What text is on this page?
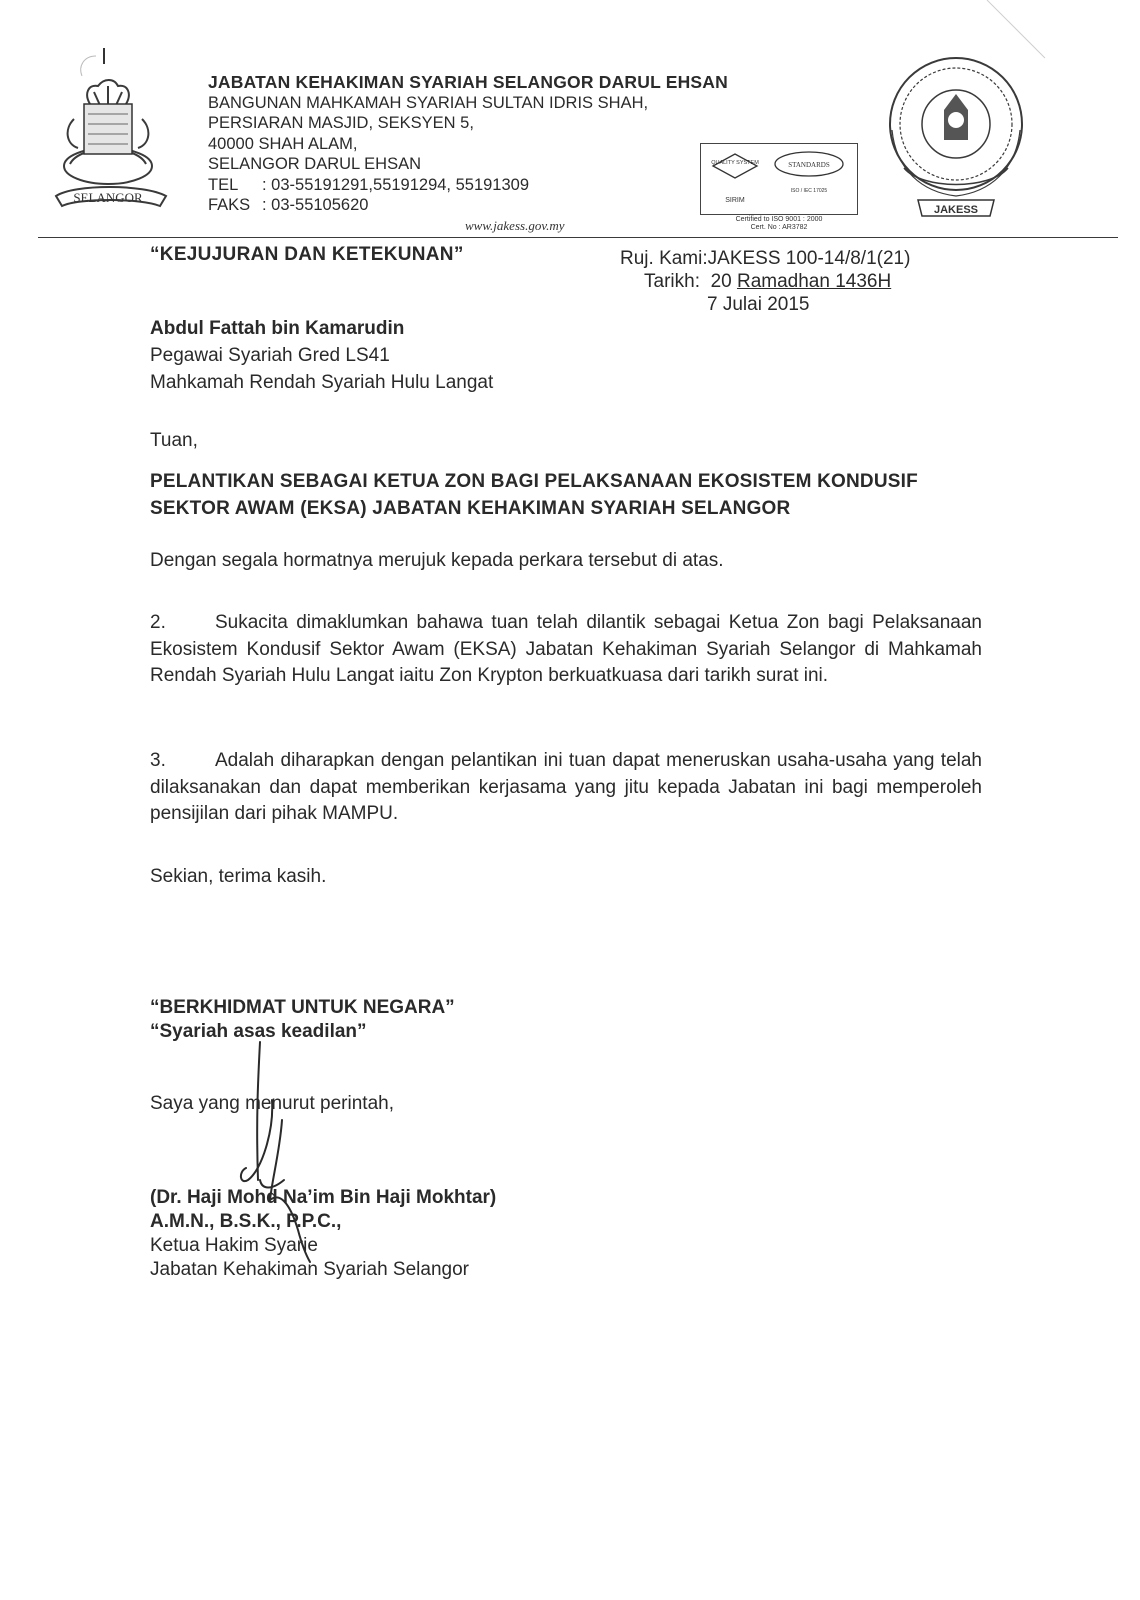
SELANGOR
JABATAN KEHAKIMAN SYARIAH SELANGOR DARUL EHSAN
BANGUNAN MAHKAMAH SYARIAH SULTAN IDRIS SHAH,
PERSIARAN MASJID, SEKSYEN 5,
40000 SHAH ALAM,
SELANGOR DARUL EHSAN
TEL : 03-55191291,55191294, 55191309
FAKS : 03-55105620
www.jakess.gov.my
QUALITY SYSTEM	STANDARDS
SIRIM
ISO / IEC 17025
Certified to ISO 9001 : 2000
Cert. No : AR3782
JAKESS
“KEJUJURAN DAN KETEKUNAN”	Ruj. Kami:JAKESS 100-14/8/1(21)
Tarikh: 20 Ramadhan 1436H
7 Julai 2015
Abdul Fattah bin Kamarudin
Pegawai Syariah Gred LS41
Mahkamah Rendah Syariah Hulu Langat
Tuan,
PELANTIKAN SEBAGAI KETUA ZON BAGI PELAKSANAAN EKOSISTEM KONDUSIF SEKTOR AWAM (EKSA) JABATAN KEHAKIMAN SYARIAH SELANGOR
Dengan segala hormatnya merujuk kepada perkara tersebut di atas.
2.	Sukacita dimaklumkan bahawa tuan telah dilantik sebagai Ketua Zon bagi Pelaksanaan Ekosistem Kondusif Sektor Awam (EKSA) Jabatan Kehakiman Syariah Selangor di Mahkamah Rendah Syariah Hulu Langat iaitu Zon Krypton berkuatkuasa dari tarikh surat ini.
3.	Adalah diharapkan dengan pelantikan ini tuan dapat meneruskan usaha-usaha yang telah dilaksanakan dan dapat memberikan kerjasama yang jitu kepada Jabatan ini bagi memperoleh pensijilan dari pihak MAMPU.
Sekian, terima kasih.
“BERKHIDMAT UNTUK NEGARA”
“Syariah asas keadilan”
Saya yang menurut perintah,
(Dr. Haji Mohd Na’im Bin Haji Mokhtar)
A.M.N., B.S.K., P.P.C.,
Ketua Hakim Syarie
Jabatan Kehakiman Syariah Selangor
